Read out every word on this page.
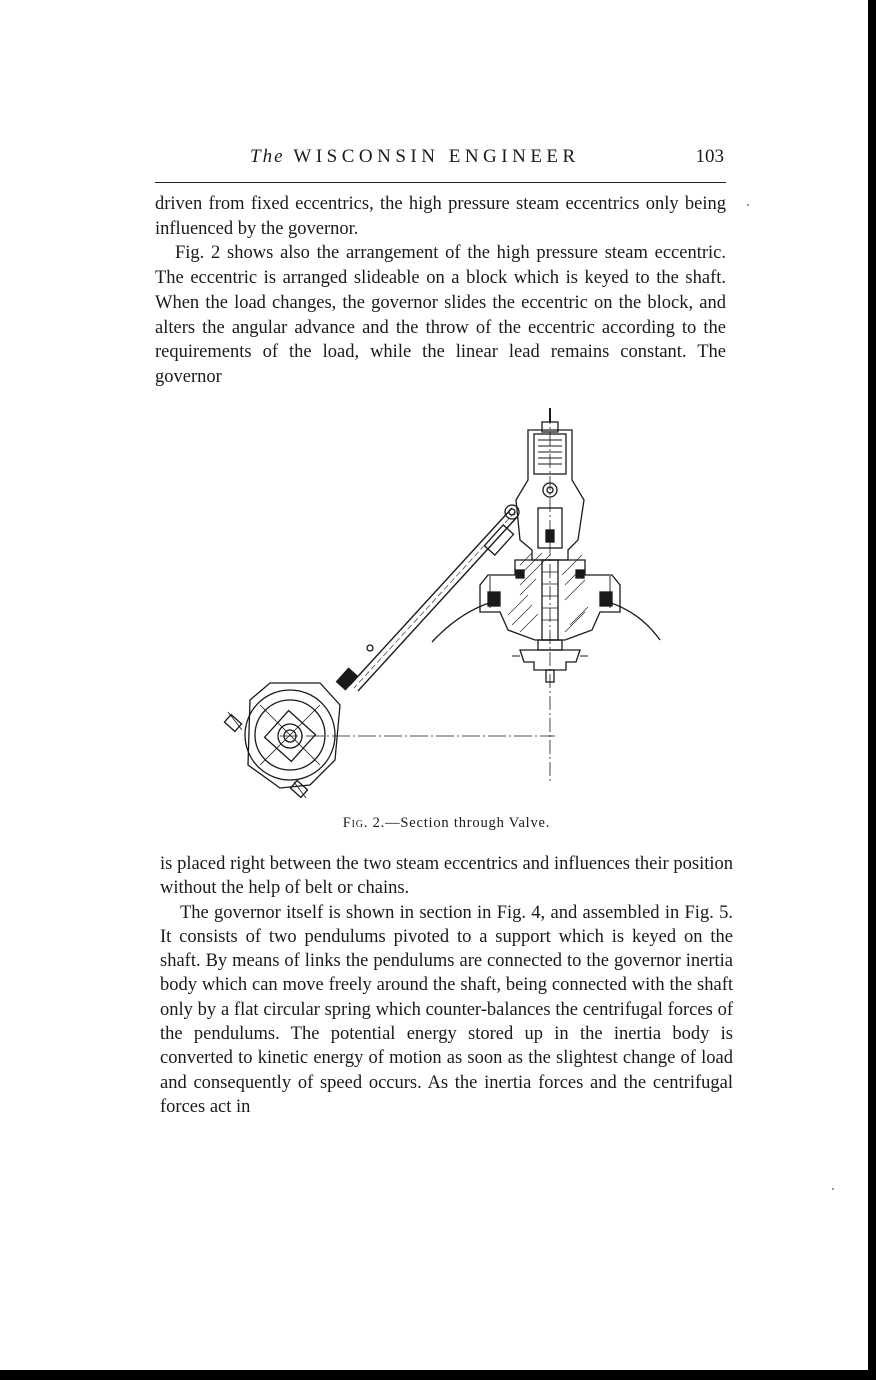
The WISCONSIN ENGINEER	103

driven from fixed eccentrics, the high pressure steam eccentrics only being influenced by the governor.

Fig. 2 shows also the arrangement of the high pressure steam eccentric. The eccentric is arranged slideable on a block which is keyed to the shaft. When the load changes, the governor slides the eccentric on the block, and alters the angular advance and the throw of the eccentric according to the requirements of the load, while the linear lead remains constant. The governor

Fig. 2.—Section through Valve.

is placed right between the two steam eccentrics and influences their position without the help of belt or chains.

The governor itself is shown in section in Fig. 4, and assembled in Fig. 5. It consists of two pendulums pivoted to a support which is keyed on the shaft. By means of links the pendulums are connected to the governor inertia body which can move freely around the shaft, being connected with the shaft only by a flat circular spring which counter-balances the centrifugal forces of the pendulums. The potential energy stored up in the inertia body is converted to kinetic energy of motion as soon as the slightest change of load and consequently of speed occurs. As the inertia forces and the centrifugal forces act in
